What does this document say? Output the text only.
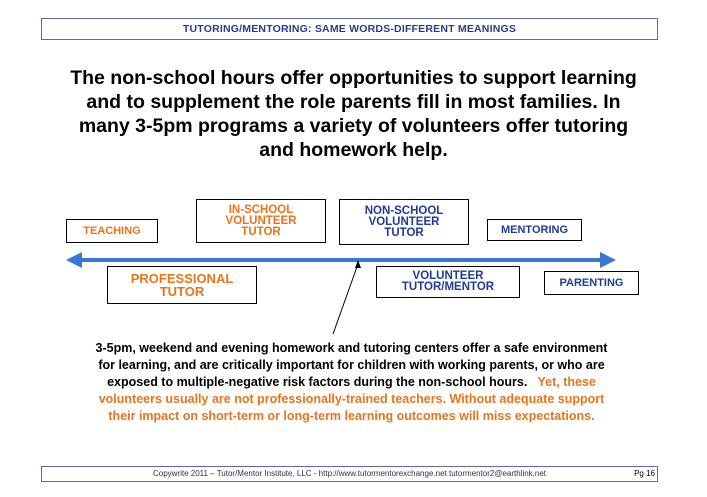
TUTORING/MENTORING: SAME WORDS-DIFFERENT MEANINGS
The non-school hours offer opportunities to support learning and to supplement the role parents fill in most families. In many 3-5pm programs a variety of volunteers offer tutoring and homework help.
TEACHING
IN-SCHOOL VOLUNTEER TUTOR
NON-SCHOOL VOLUNTEER TUTOR	MENTORING
PROFESSIONAL TUTOR
VOLUNTEER TUTOR/MENTOR	PARENTING
3-5pm, weekend and evening homework and tutoring centers offer a safe environment for learning, and are critically important for children with working parents, or who are exposed to multiple-negative risk factors during the non-school hours. Yet, these volunteers usually are not professionally-trained teachers. Without adequate support their impact on short-term or long-term learning outcomes will miss expectations.
Copywrite 2011 – Tutor/Mentor Institute, LLC - http://www.tutormentorexchange.net tutormentor2@earthlink.net	Pg 16
